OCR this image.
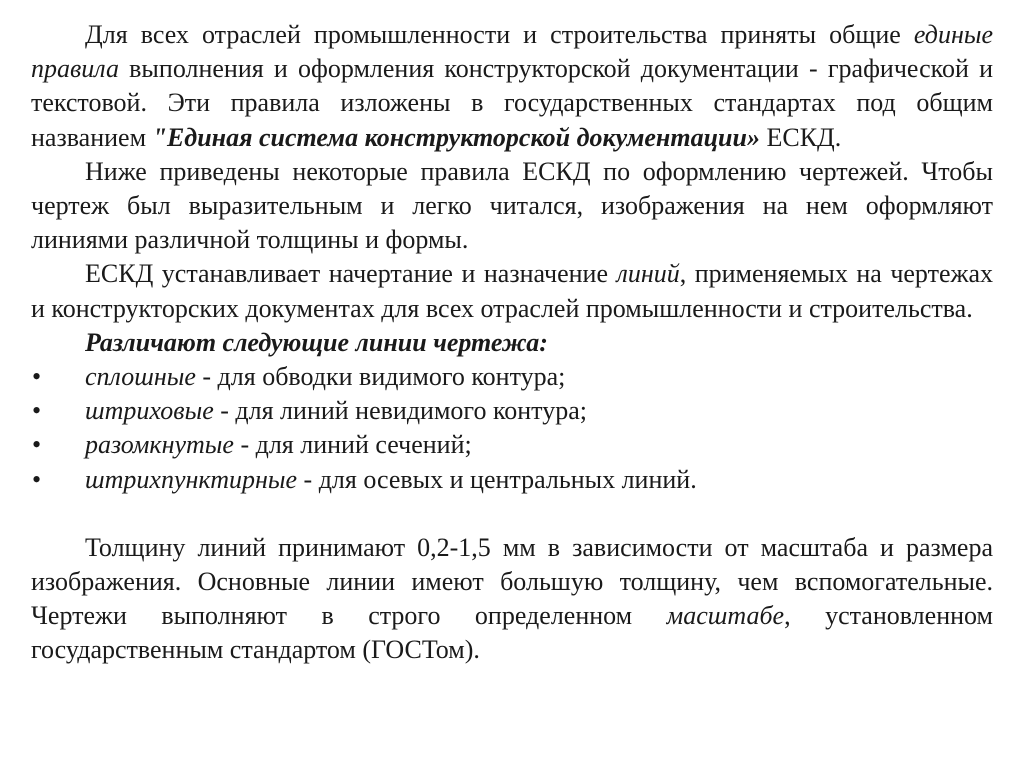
Для всех отраслей промышленности и строительства приняты общие единые правила выполнения и оформления конструкторской документации - графической и текстовой. Эти правила изложены в государственных стандартах под общим названием "Единая система конструкторской документации» ЕСКД.

Ниже приведены некоторые правила ЕСКД по оформлению чертежей. Чтобы чертеж был выразительным и легко читался, изображения на нем оформляют линиями различной толщины и формы.

ЕСКД устанавливает начертание и назначение линий, применяемых на чертежах и конструкторских документах для всех отраслей промышленности и строительства.

Различают следующие линии чертежа:
• сплошные - для обводки видимого контура;
• штриховые - для линий невидимого контура;
• разомкнутые - для линий сечений;
• штрихпунктирные - для осевых и центральных линий.

Толщину линий принимают 0,2-1,5 мм в зависимости от масштаба и размера изображения. Основные линии имеют большую толщину, чем вспомогательные. Чертежи выполняют в строго определенном масштабе, установленном государственным стандартом (ГОСТом).
